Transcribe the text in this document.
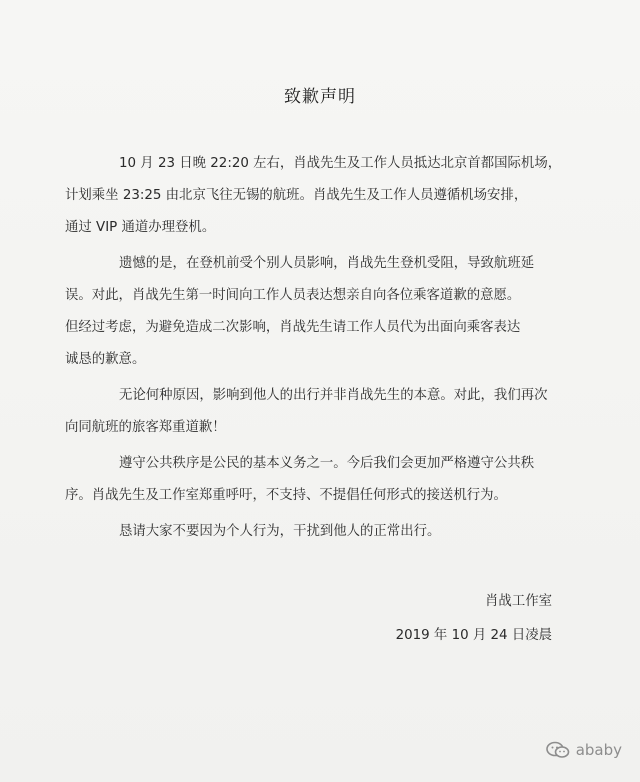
致歉声明
10 月 23 日晚 22:20 左右，肖战先生及工作人员抵达北京首都国际机场，
计划乘坐 23:25 由北京飞往无锡的航班。肖战先生及工作人员遵循机场安排，
通过 VIP 通道办理登机。
遗憾的是，在登机前受个别人员影响，肖战先生登机受阻，导致航班延
误。对此，肖战先生第一时间向工作人员表达想亲自向各位乘客道歉的意愿。
但经过考虑，为避免造成二次影响，肖战先生请工作人员代为出面向乘客表达
诚恳的歉意。
无论何种原因，影响到他人的出行并非肖战先生的本意。对此，我们再次
向同航班的旅客郑重道歉！
遵守公共秩序是公民的基本义务之一。今后我们会更加严格遵守公共秩
序。肖战先生及工作室郑重呼吁，不支持、不提倡任何形式的接送机行为。
恳请大家不要因为个人行为，干扰到他人的正常出行。
肖战工作室
2019 年 10 月 24 日凌晨
ababy
